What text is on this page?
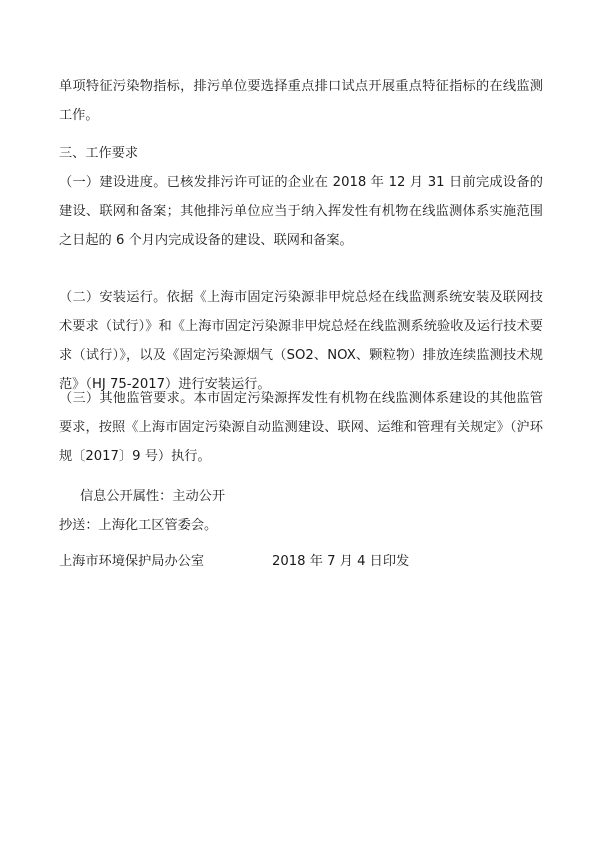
单项特征污染物指标，排污单位要选择重点排口试点开展重点特征指标的在线监测工作。

三、工作要求

（一）建设进度。已核发排污许可证的企业在 2018 年 12 月 31 日前完成设备的建设、联网和备案；其他排污单位应当于纳入挥发性有机物在线监测体系实施范围之日起的 6 个月内完成设备的建设、联网和备案。

（二）安装运行。依据《上海市固定污染源非甲烷总烃在线监测系统安装及联网技术要求（试行）》和《上海市固定污染源非甲烷总烃在线监测系统验收及运行技术要求（试行）》，以及《固定污染源烟气（SO2、NOX、颗粒物）排放连续监测技术规范》（HJ 75-2017）进行安装运行。

（三）其他监管要求。本市固定污染源挥发性有机物在线监测体系建设的其他监管要求，按照《上海市固定污染源自动监测建设、联网、运维和管理有关规定》（沪环规〔2017〕9 号）执行。

信息公开属性：主动公开

抄送：上海化工区管委会。

上海市环境保护局办公室	2018 年 7 月 4 日印发
